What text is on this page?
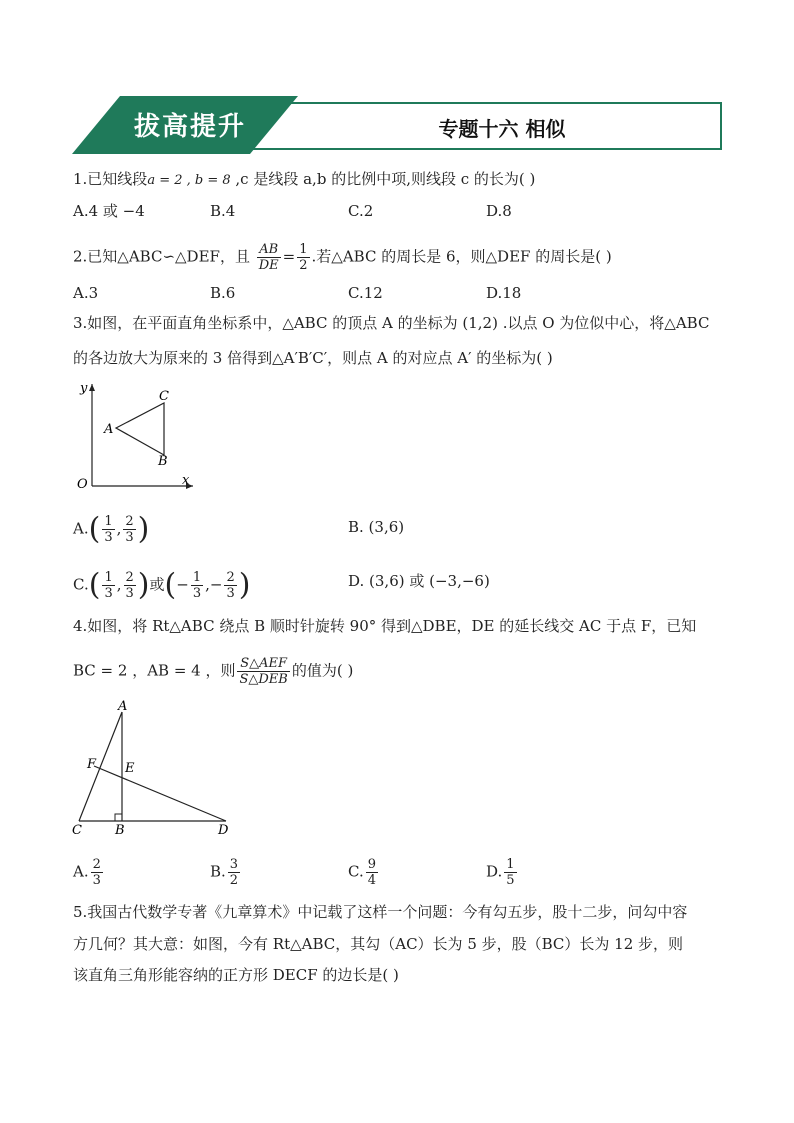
拔高提升	专题十六 相似
1.已知线段a = 2 , b = 8 ,c 是线段 a,b 的比例中项,则线段 c 的长为( )
A.4 或 −4	B.4	C.2	D.8
2.已知△ABC∽△DEF，且 $\frac{AB}{DE} = \frac{1}{2}$ .若△ABC 的周长是 6，则△DEF 的周长是( )
A.3	B.6	C.12	D.18
3.如图，在平面直角坐标系中，△ABC 的顶点 A 的坐标为 (1,2) .以点 O 为位似中心，将△ABC
的各边放大为原来的 3 倍得到△A′B′C′，则点 A 的对应点 A′ 的坐标为( )
y
x
O
A
C
B
$A.( \frac{1}{3}$ , $\frac{2}{3}$ )	B. (3,6)
$C.( \frac{1}{3}$ , $\frac{2}{3}$ )或(− $\frac{1}{3}$ ,− $\frac{2}{3}$ )	D. (3,6) 或 (−3,−6)
4.如图，将 Rt△ABC 绕点 B 顺时针旋转 90° 得到△DBE，DE 的延长线交 AC 于点 F，已知
BC = 2 ，AB = 4 ，则 $\frac{\text{S△AEF}}{\text{S△DEB}}$ 的值为( )
A
F E
C	B	D
A. $\frac{2}{3}$	B. $\frac{3}{2}$	C. $\frac{9}{4}$	D. $\frac{1}{5}$
5.我国古代数学专著《九章算术》中记载了这样一个问题：今有勾五步，股十二步，问勾中容
方几何？其大意：如图，今有 Rt△ABC，其勾（AC）长为 5 步，股（BC）长为 12 步，则
该直角三角形能容纳的正方形 DECF 的边长是( )
